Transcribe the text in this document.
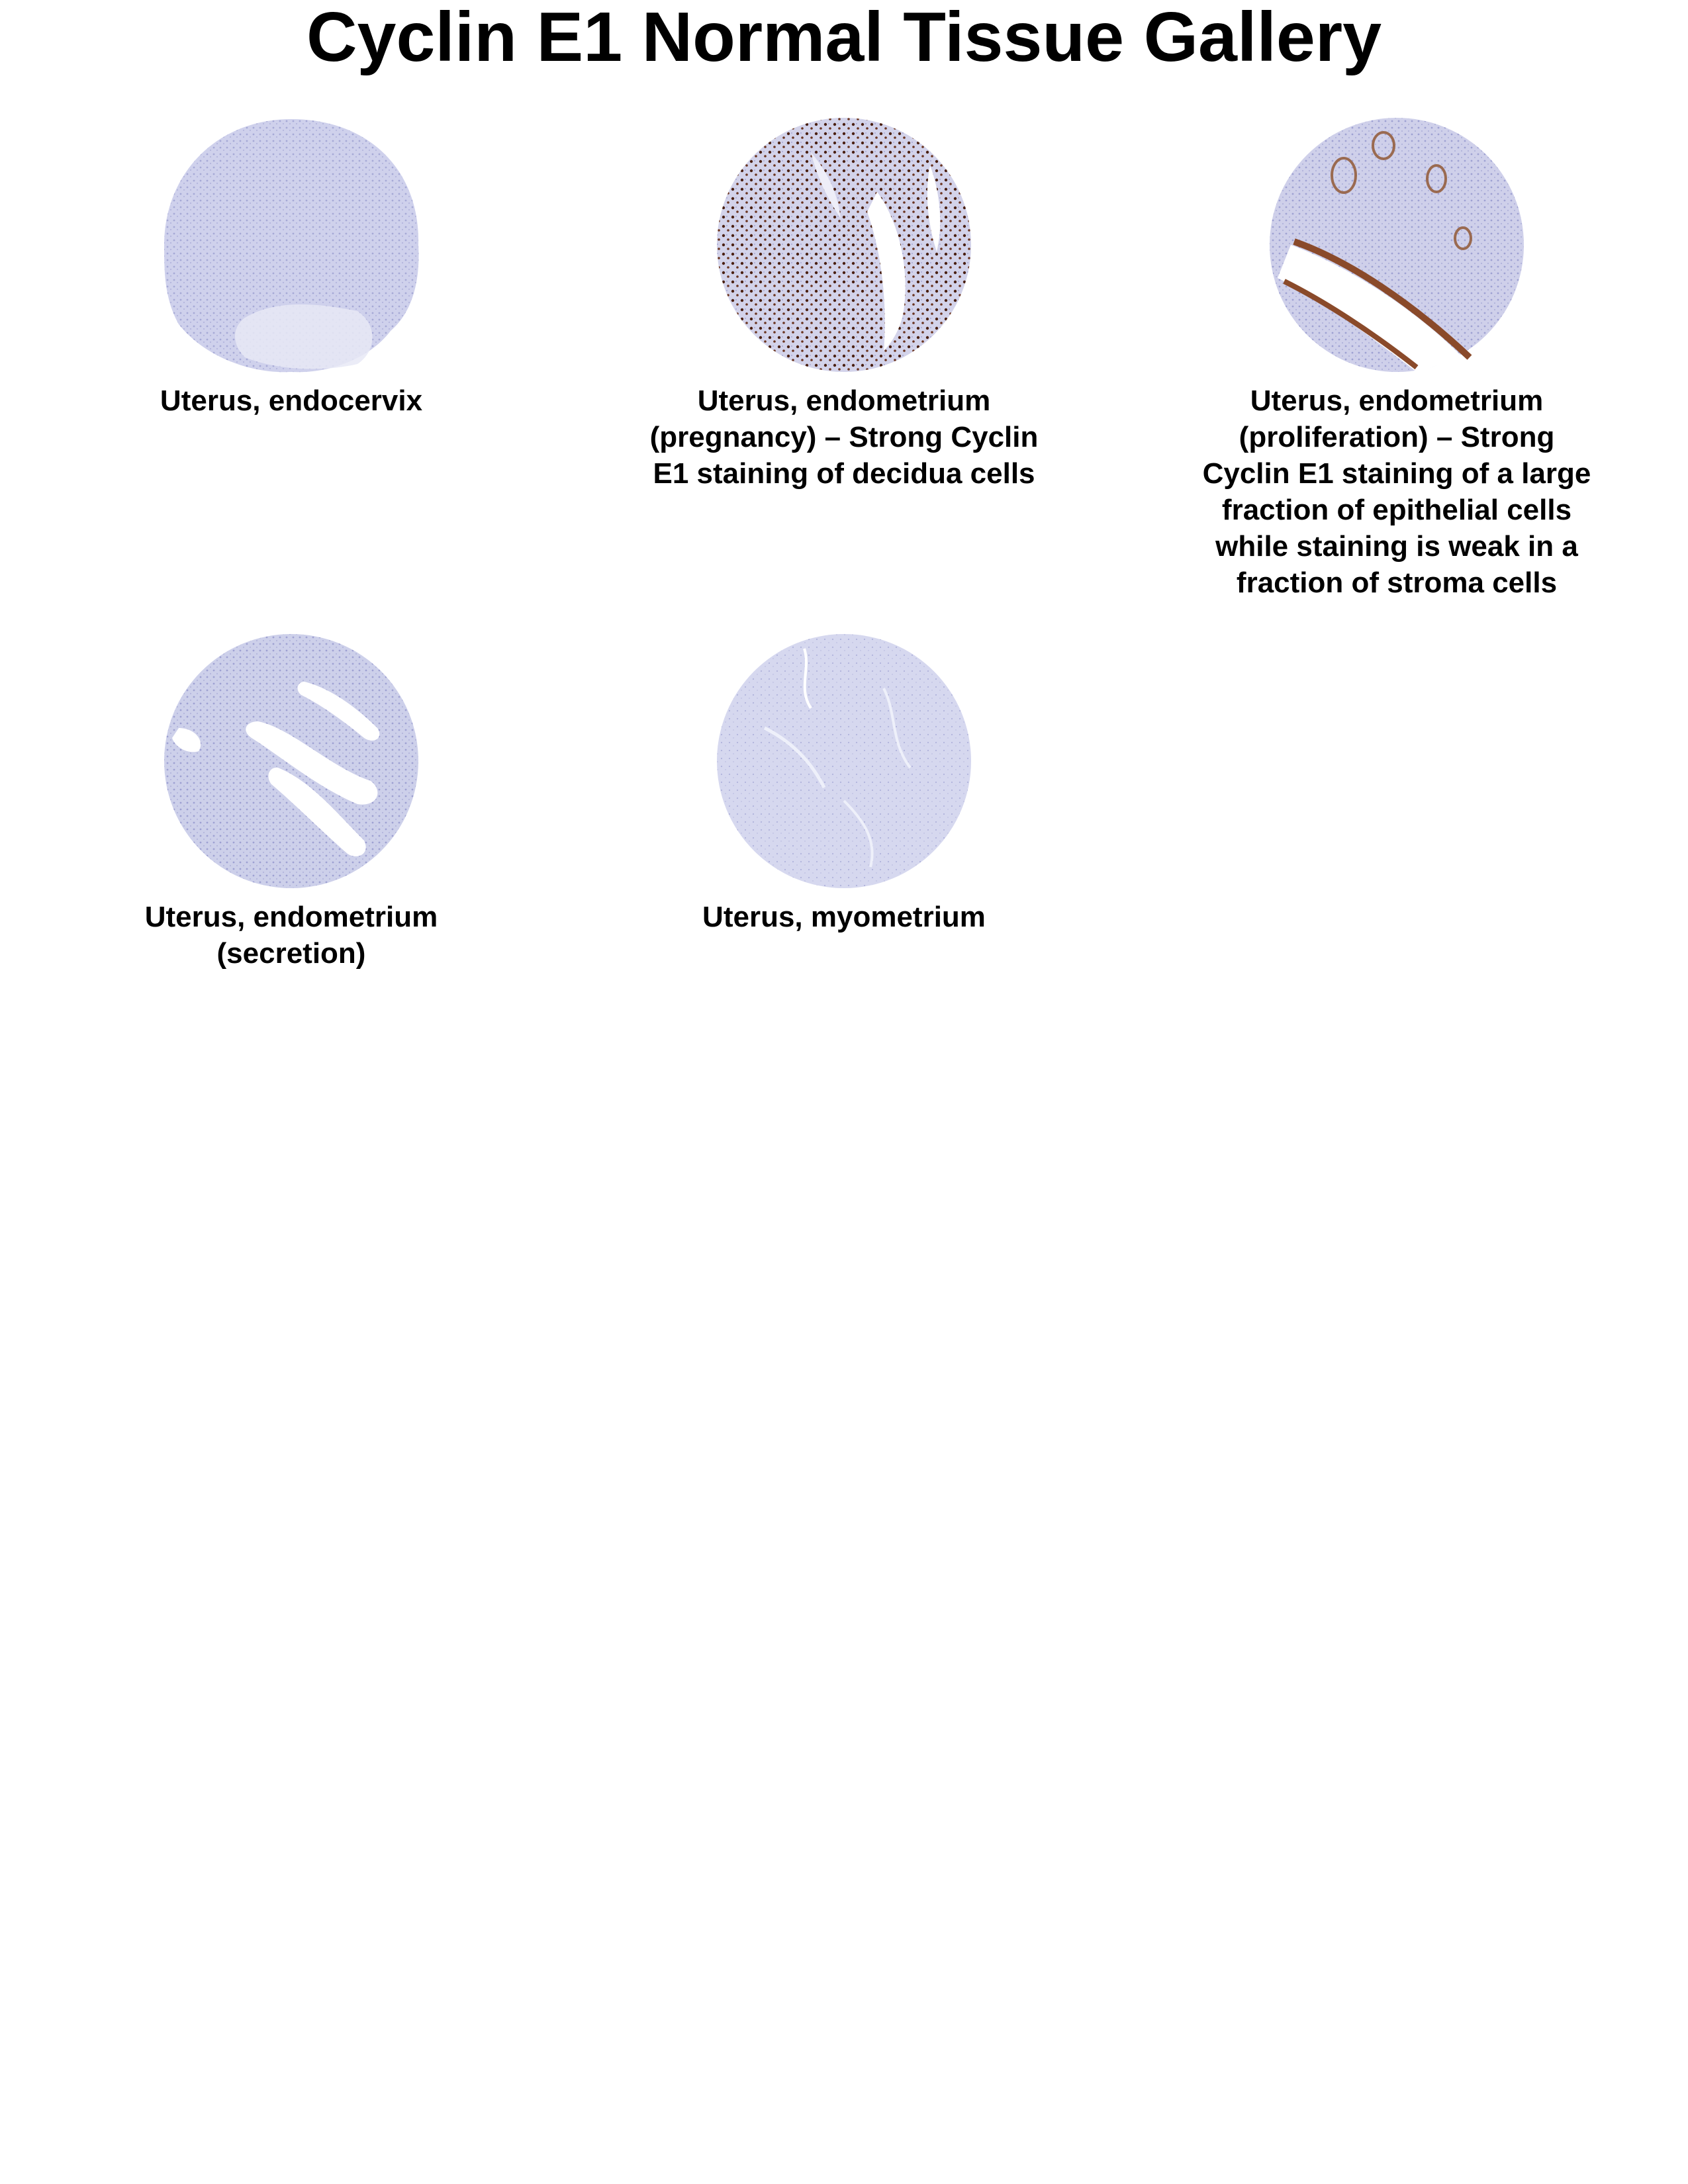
Cyclin E1 Normal Tissue Gallery
Uterus, endocervix	Uterus, endometrium (pregnancy) – Strong Cyclin E1 staining of decidua cells
Uterus, endometrium (proliferation) – Strong Cyclin E1 staining of a large fraction of epithelial cells while staining is weak in a fraction of stroma cells
Uterus, endometrium (secretion)
Uterus, myometrium
